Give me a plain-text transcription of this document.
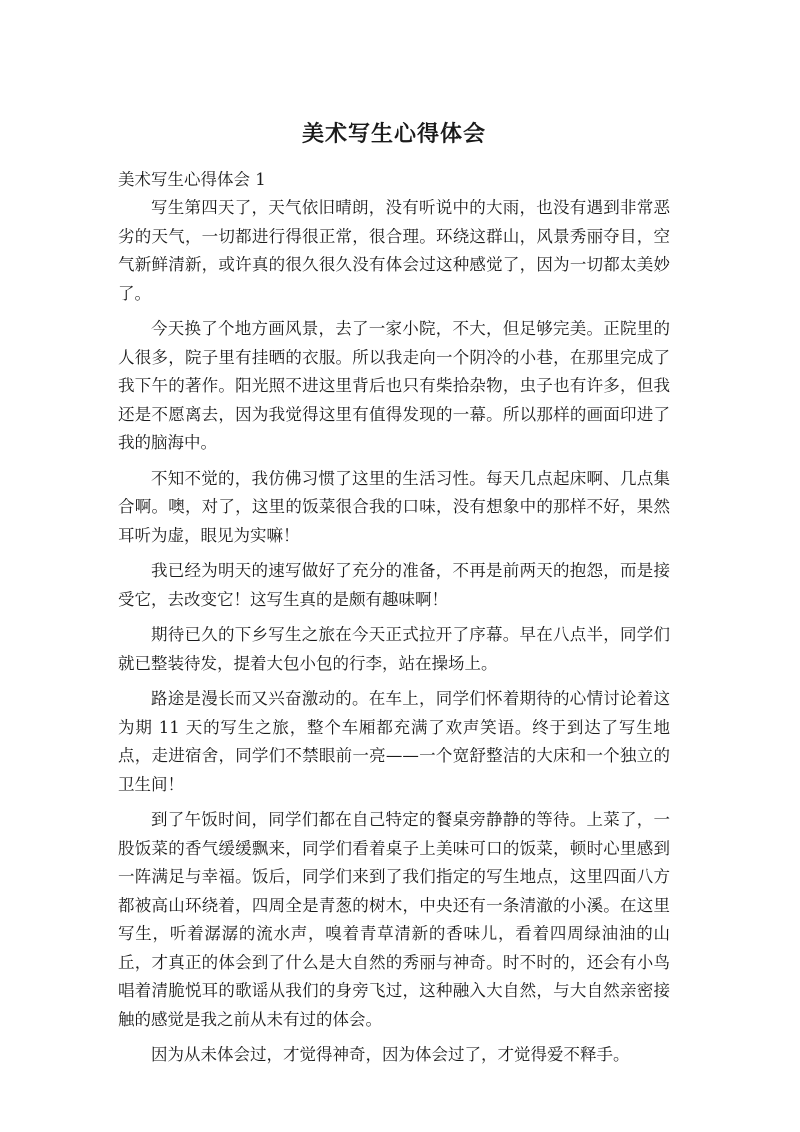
美术写生心得体会

美术写生心得体会 1

写生第四天了，天气依旧晴朗，没有听说中的大雨，也没有遇到非常恶劣的天气，一切都进行得很正常，很合理。环绕这群山，风景秀丽夺目，空气新鲜清新，或许真的很久很久没有体会过这种感觉了，因为一切都太美妙了。

今天换了个地方画风景，去了一家小院，不大，但足够完美。正院里的人很多，院子里有挂晒的衣服。所以我走向一个阴冷的小巷，在那里完成了我下午的著作。阳光照不进这里背后也只有柴拾杂物，虫子也有许多，但我还是不愿离去，因为我觉得这里有值得发现的一幕。所以那样的画面印进了我的脑海中。

不知不觉的，我仿佛习惯了这里的生活习性。每天几点起床啊、几点集合啊。噢，对了，这里的饭菜很合我的口味，没有想象中的那样不好，果然耳听为虚，眼见为实嘛！

我已经为明天的速写做好了充分的准备，不再是前两天的抱怨，而是接受它，去改变它！这写生真的是颇有趣味啊！

期待已久的下乡写生之旅在今天正式拉开了序幕。早在八点半，同学们就已整装待发，提着大包小包的行李，站在操场上。

路途是漫长而又兴奋激动的。在车上，同学们怀着期待的心情讨论着这为期 11 天的写生之旅，整个车厢都充满了欢声笑语。终于到达了写生地点，走进宿舍，同学们不禁眼前一亮——一个宽舒整洁的大床和一个独立的卫生间！

到了午饭时间，同学们都在自己特定的餐桌旁静静的等待。上菜了，一股饭菜的香气缓缓飘来，同学们看着桌子上美味可口的饭菜，顿时心里感到一阵满足与幸福。饭后，同学们来到了我们指定的写生地点，这里四面八方都被高山环绕着，四周全是青葱的树木，中央还有一条清澈的小溪。在这里写生，听着潺潺的流水声，嗅着青草清新的香味儿，看着四周绿油油的山丘，才真正的体会到了什么是大自然的秀丽与神奇。时不时的，还会有小鸟唱着清脆悦耳的歌谣从我们的身旁飞过，这种融入大自然，与大自然亲密接触的感觉是我之前从未有过的体会。

因为从未体会过，才觉得神奇，因为体会过了，才觉得爱不释手。
